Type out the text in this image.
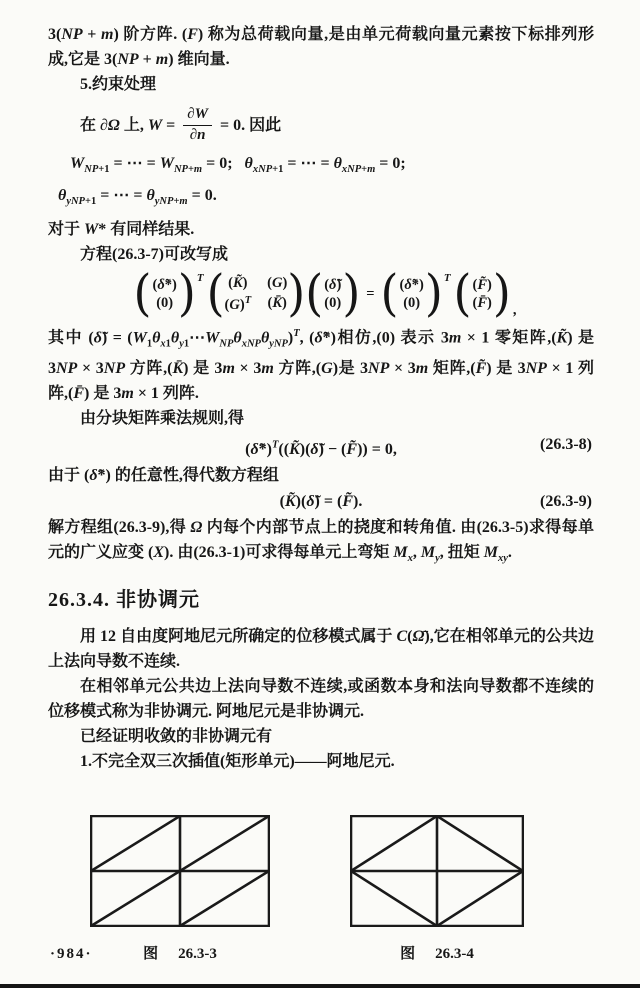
3(NP + m) 阶方阵. (F) 称为总荷载向量,是由单元荷载向量元素按下标排列形成,它是 3(NP + m) 维向量.

5.约束处理

在 ∂Ω 上, $W = \frac{\partial W}{\partial n} = 0$. 因此
$W_{NP+1}$ = ⋯ = $W_{NP+m} = 0$;   $\theta_{xNP+1}$ = ⋯ = $\theta_{xNP+m} = 0$;
$\theta_{yNP+1}$ = ⋯ = $\theta_{yNP+m} = 0$.

对于 W* 有同样结果.

方程(26.3-7)可改写成

( (δ̃*)
(0) ) T ( (K̃) (G)
$(G)^T$ (K̄) ) ( (δ̃)
(0) ) = ( (δ̃*)
(0) ) T ( (F̃)
(F̄) ) ,

其中 (δ̃) = $(W_1\theta_{x1}\theta_{y1}\cdots W_{NP}\theta_{xNP}\theta_{yNP})^T$, (δ̃*)相仿,(0) 表示 3m × 1 零矩阵,(K̃) 是 3NP × 3NP 方阵,(K̄) 是 3m × 3m 方阵,(G)是 3NP × 3m 矩阵,(F̃) 是 3NP × 1 列阵,(F̄) 是 3m × 1 列阵.

由分块矩阵乘法规则,得

(δ̃*)$^T$((K̃)(δ̃) − (F̃)) = 0,	(26.3-8)

由于 (δ̃*) 的任意性,得代数方程组

(K̃)(δ̃) = (F̃).	(26.3-9)

解方程组(26.3-9),得 Ω 内每个内部节点上的挠度和转角值. 由(26.3-5)求得每单元的广义应变 (X). 由(26.3-1)可求得每单元上弯矩 $M_x$, $M_y$, 扭矩 $M_{xy}$.

26.3.4. 非协调元

用 12 自由度阿地尼元所确定的位移模式属于 C(Ω̄),它在相邻单元的公共边上法向导数不连续.

在相邻单元公共边上法向导数不连续,或函数本身和法向导数都不连续的位移模式称为非协调元. 阿地尼元是非协调元.

已经证明收敛的非协调元有

1.不完全双三次插值(矩形单元)——阿地尼元.

图 26.3-3	图 26.3-4
·984·
